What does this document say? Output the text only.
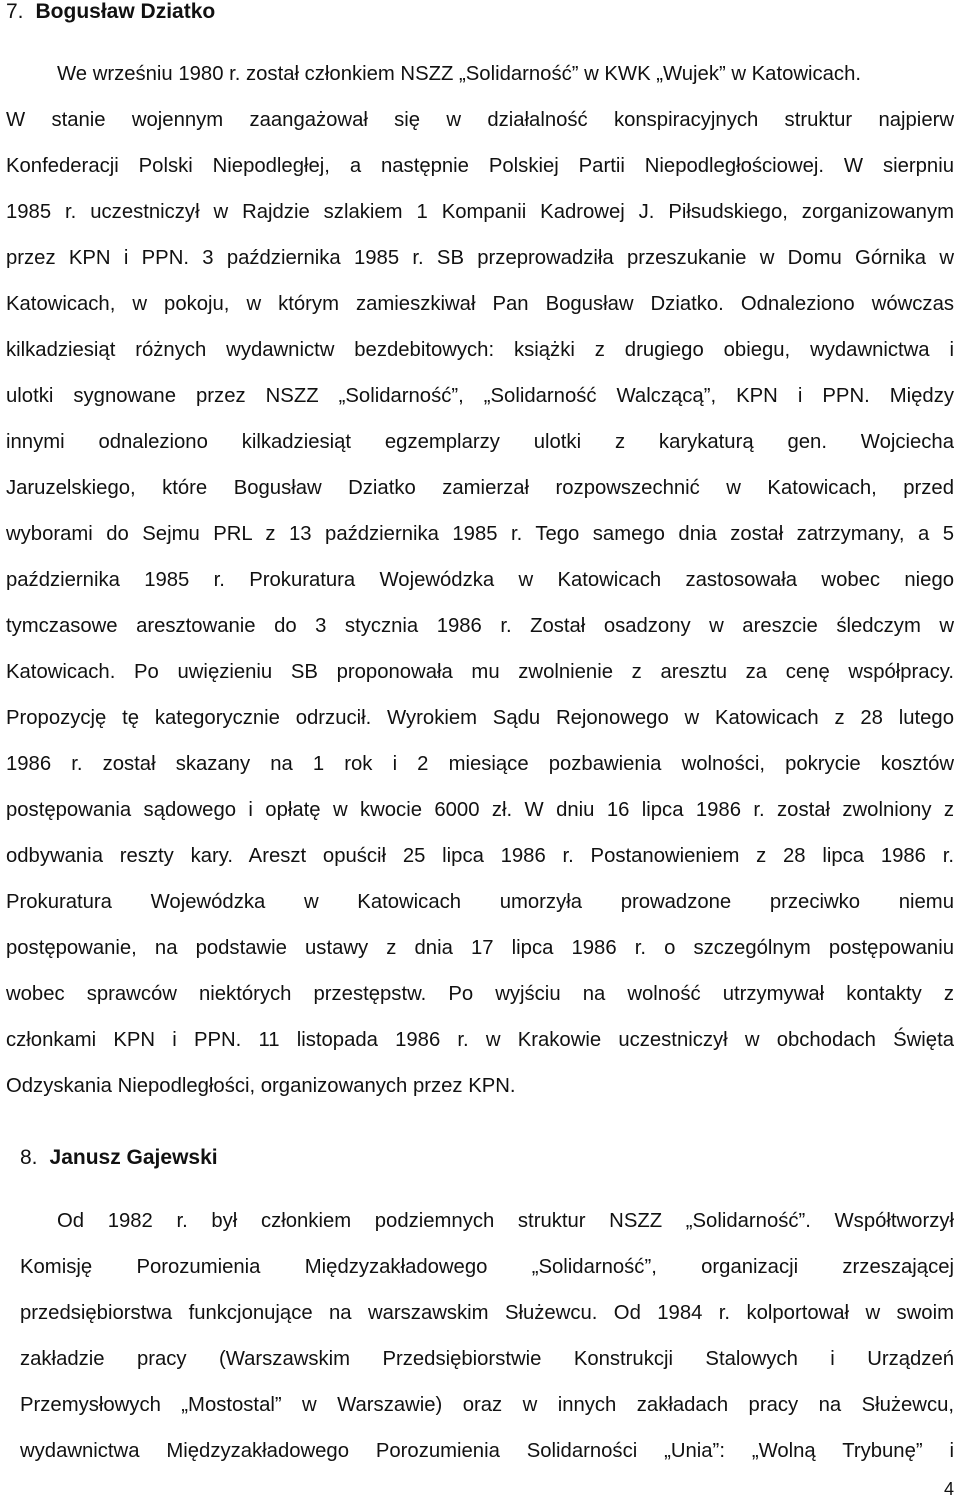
7. Bogusław Dziatko

We wrześniu 1980 r. został członkiem NSZZ „Solidarność” w KWK „Wujek” w Katowicach.

W stanie wojennym zaangażował się w działalność konspiracyjnych struktur najpierw

Konfederacji Polski Niepodległej, a następnie Polskiej Partii Niepodległościowej. W sierpniu

1985 r. uczestniczył w Rajdzie szlakiem 1 Kompanii Kadrowej J. Piłsudskiego, zorganizowanym

przez KPN i PPN. 3 października 1985 r. SB przeprowadziła przeszukanie w Domu Górnika w

Katowicach, w pokoju, w którym zamieszkiwał Pan Bogusław Dziatko. Odnaleziono wówczas

kilkadziesiąt różnych wydawnictw bezdebitowych: książki z drugiego obiegu, wydawnictwa i

ulotki sygnowane przez NSZZ „Solidarność”, „Solidarność Walczącą”, KPN i PPN. Między

innymi odnaleziono kilkadziesiąt egzemplarzy ulotki z karykaturą gen. Wojciecha

Jaruzelskiego, które Bogusław Dziatko zamierzał rozpowszechnić w Katowicach, przed

wyborami do Sejmu PRL z 13 października 1985 r. Tego samego dnia został zatrzymany, a 5

października 1985 r. Prokuratura Wojewódzka w Katowicach zastosowała wobec niego

tymczasowe aresztowanie do 3 stycznia 1986 r. Został osadzony w areszcie śledczym w

Katowicach. Po uwięzieniu SB proponowała mu zwolnienie z aresztu za cenę współpracy.

Propozycję tę kategorycznie odrzucił. Wyrokiem Sądu Rejonowego w Katowicach z 28 lutego

1986 r. został skazany na 1 rok i 2 miesiące pozbawienia wolności, pokrycie kosztów

postępowania sądowego i opłatę w kwocie 6000 zł. W dniu 16 lipca 1986 r. został zwolniony z

odbywania reszty kary. Areszt opuścił 25 lipca 1986 r. Postanowieniem z 28 lipca 1986 r.

Prokuratura Wojewódzka w Katowicach umorzyła prowadzone przeciwko niemu

postępowanie, na podstawie ustawy z dnia 17 lipca 1986 r. o szczególnym postępowaniu

wobec sprawców niektórych przestępstw. Po wyjściu na wolność utrzymywał kontakty z

członkami KPN i PPN. 11 listopada 1986 r. w Krakowie uczestniczył w obchodach Święta

Odzyskania Niepodległości, organizowanych przez KPN.

8. Janusz Gajewski

Od 1982 r. był członkiem podziemnych struktur NSZZ „Solidarność”. Współtworzył

Komisję Porozumienia Międzyzakładowego „Solidarność”, organizacji zrzeszającej

przedsiębiorstwa funkcjonujące na warszawskim Służewcu. Od 1984 r. kolportował w swoim

zakładzie pracy (Warszawskim Przedsiębiorstwie Konstrukcji Stalowych i Urządzeń

Przemysłowych „Mostostal” w Warszawie) oraz w innych zakładach pracy na Służewcu,

wydawnictwa Międzyzakładowego Porozumienia Solidarności „Unia”: „Wolną Trybunę” i

4
